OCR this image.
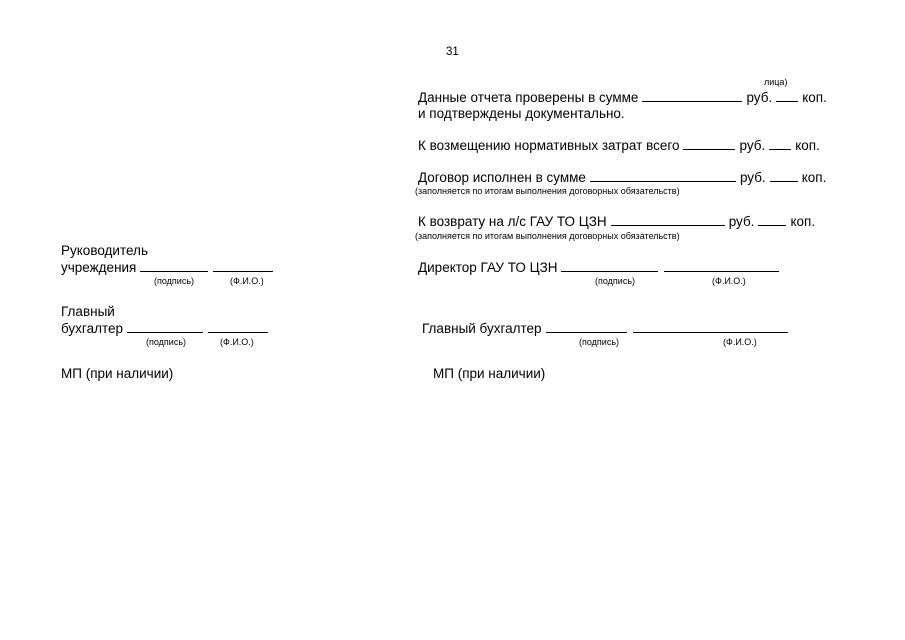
31
лица)
Данные отчета проверены в сумме	руб. коп.
и подтверждены документально.
К возмещению нормативных затрат всего	руб. коп.
Договор исполнен в сумме	руб.	коп.
(заполняется по итогам выполнения договорных обязательств)
К возврату на л/с ГАУ ТО ЦЗН	руб.	коп.
(заполняется по итогам выполнения договорных обязательств)
Директор ГАУ ТО ЦЗН
(подпись)	(Ф.И.О.)
Главный бухгалтер
(подпись)	(Ф.И.О.)
МП (при наличии)
Руководитель
учреждения
(подпись)	(Ф.И.О.)
Главный
бухгалтер
(подпись)	(Ф.И.О.)
МП (при наличии)
